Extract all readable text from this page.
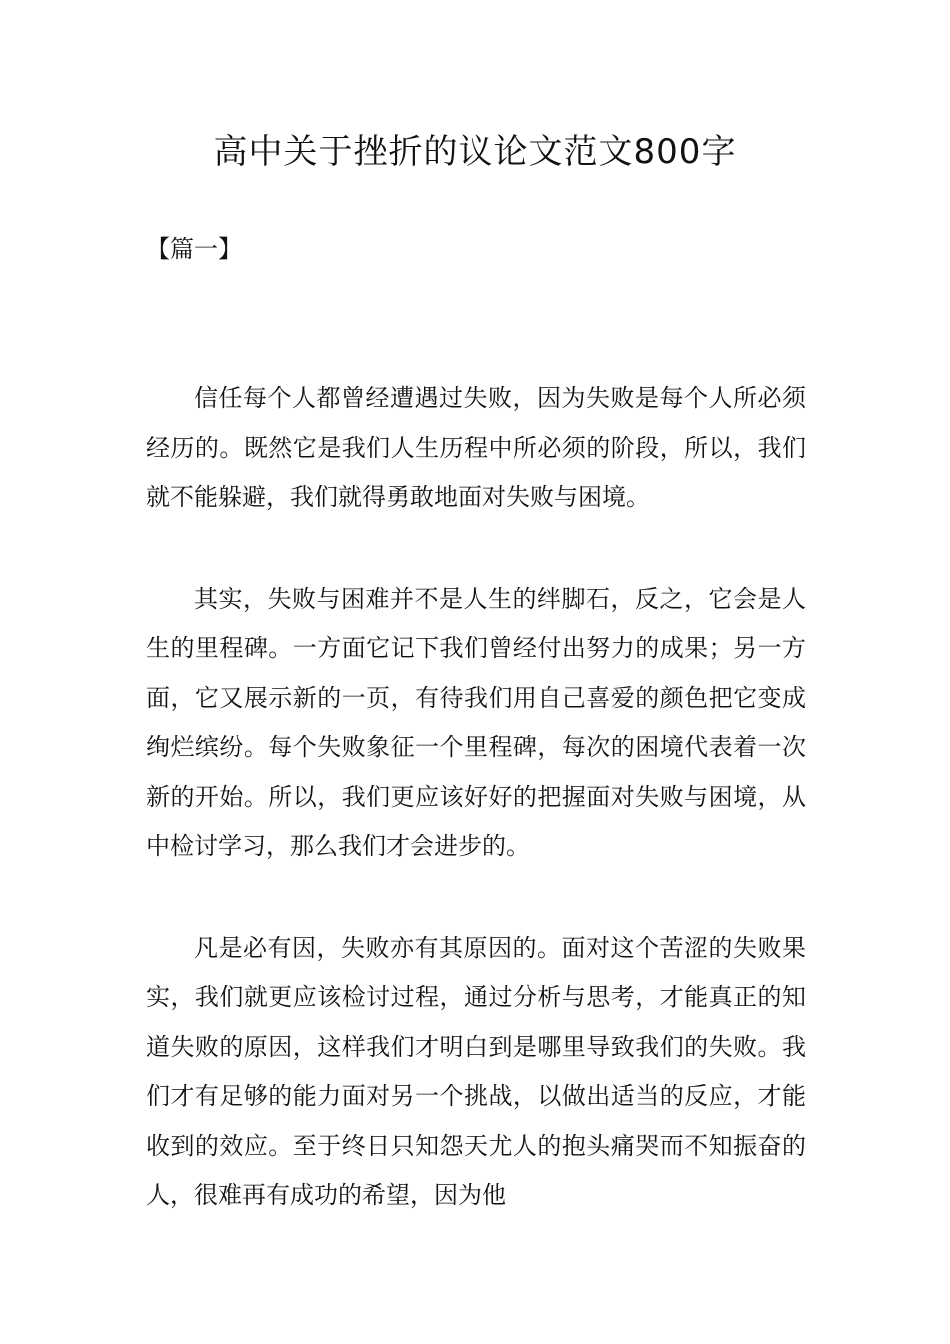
高中关于挫折的议论文范文800字
【篇一】

信任每个人都曾经遭遇过失败，因为失败是每个人所必须经历的。既然它是我们人生历程中所必须的阶段，所以，我们就不能躲避，我们就得勇敢地面对失败与困境。

其实，失败与困难并不是人生的绊脚石，反之，它会是人生的里程碑。一方面它记下我们曾经付出努力的成果；另一方面，它又展示新的一页，有待我们用自己喜爱的颜色把它变成绚烂缤纷。每个失败象征一个里程碑，每次的困境代表着一次新的开始。所以，我们更应该好好的把握面对失败与困境，从中检讨学习，那么我们才会进步的。

凡是必有因，失败亦有其原因的。面对这个苦涩的失败果实，我们就更应该检讨过程，通过分析与思考，才能真正的知道失败的原因，这样我们才明白到是哪里导致我们的失败。我们才有足够的能力面对另一个挑战，以做出适当的反应，才能收到的效应。至于终日只知怨天尤人的抱头痛哭而不知振奋的人，很难再有成功的希望，因为他
